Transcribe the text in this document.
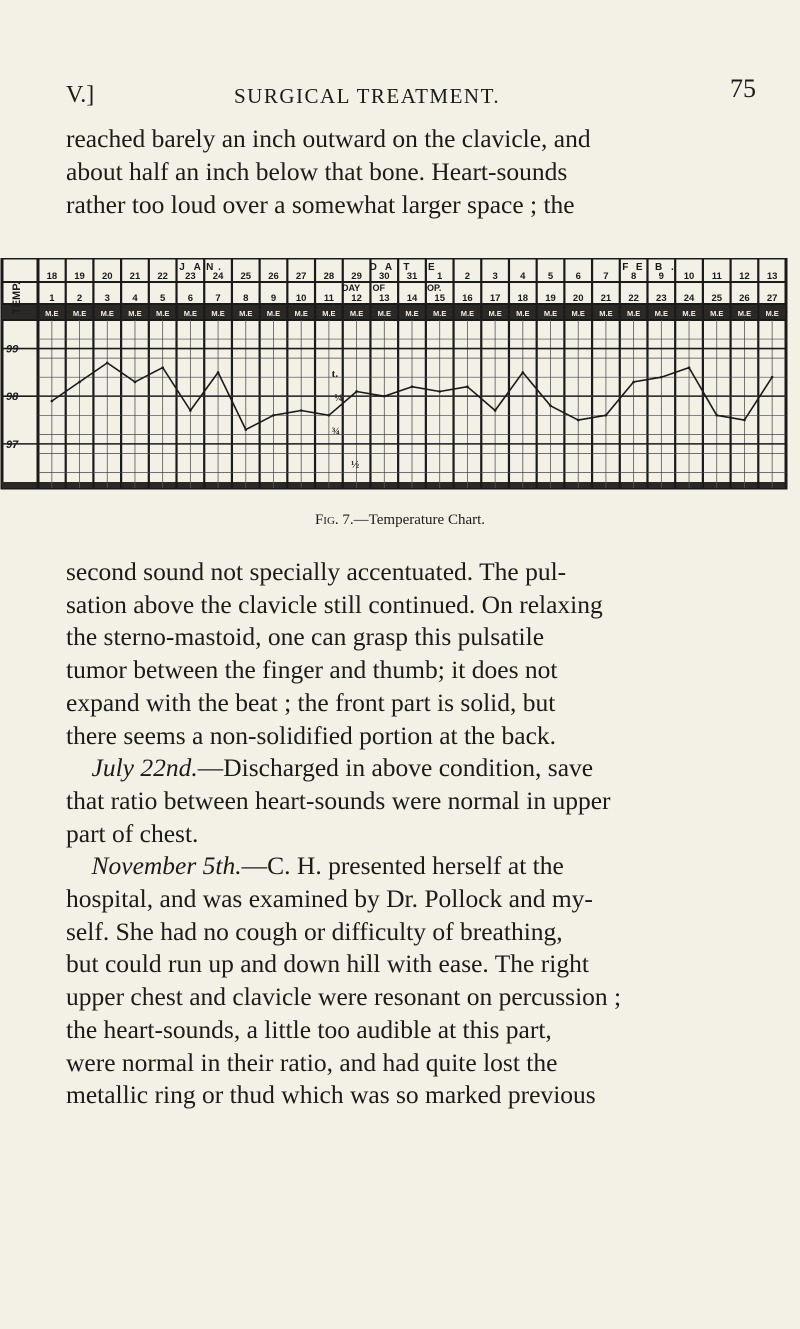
V.]	SURGICAL TREATMENT.	75
reached barely an inch outward on the clavicle, and
about half an inch below that bone. Heart-sounds
rather too loud over a somewhat larger space ; the
TEMP.
J A N .	D A T E	F E B .
18 19 20 21 22 23 24 25 26 27 28 29 30 31 1 2 3 4 5 6 7 8 9 10 11 12 13
DAY OF	OP.
1 2 3 4 5 6 7 8 9 10 11 12 13 14 15 16 17 18 19 20 21 22 23 24 25 26 27
M.E M.E M.E M.E M.E M.E M.E M.E M.E M.E M.E M.E M.E M.E M.E M.E M.E M.E M.E M.E M.E M.E M.E M.E M.E M.E M.E
99
98
97
t.
¼
¾
½
Fig. 7.—Temperature Chart.
second sound not specially accentuated. The pul-
sation above the clavicle still continued. On relaxing
the sterno-mastoid, one can grasp this pulsatile
tumor between the finger and thumb; it does not
expand with the beat ; the front part is solid, but
there seems a non-solidified portion at the back.
 July 22nd.—Discharged in above condition, save
that ratio between heart-sounds were normal in upper
part of chest.
 November 5th.—C. H. presented herself at the
hospital, and was examined by Dr. Pollock and my-
self. She had no cough or difficulty of breathing,
but could run up and down hill with ease. The right
upper chest and clavicle were resonant on percussion ;
the heart-sounds, a little too audible at this part,
were normal in their ratio, and had quite lost the
metallic ring or thud which was so marked previous
